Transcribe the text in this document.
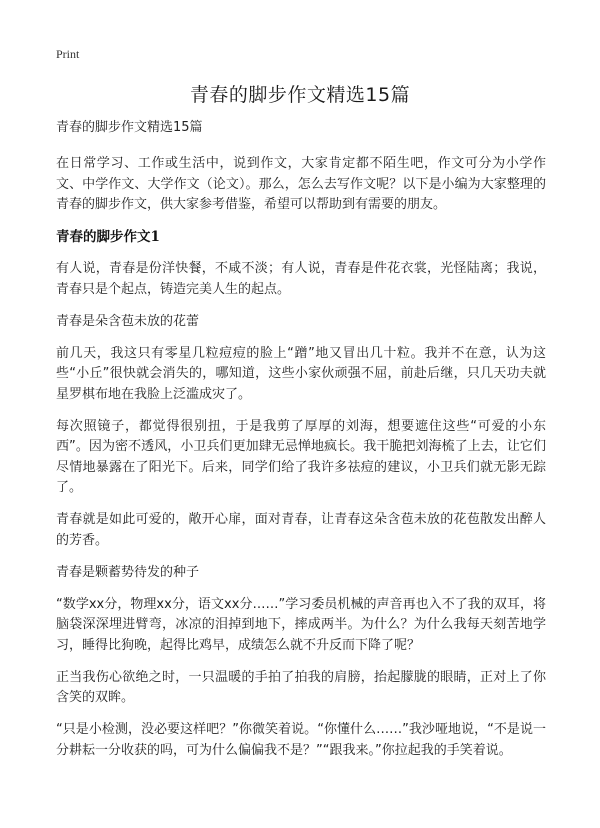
Print
青春的脚步作文精选15篇

青春的脚步作文精选15篇

在日常学习、工作或生活中，说到作文，大家肯定都不陌生吧，作文可分为小学作文、中学作文、大学作文（论文）。那么，怎么去写作文呢？以下是小编为大家整理的青春的脚步作文，供大家参考借鉴，希望可以帮助到有需要的朋友。

青春的脚步作文1

有人说，青春是份洋快餐，不咸不淡；有人说，青春是件花衣裳，光怪陆离；我说，青春只是个起点，铸造完美人生的起点。

青春是朵含苞未放的花蕾

前几天，我这只有零星几粒痘痘的脸上“蹭”地又冒出几十粒。我并不在意，认为这些“小丘”很快就会消失的，哪知道，这些小家伙顽强不屈，前赴后继，只几天功夫就星罗棋布地在我脸上泛滥成灾了。

每次照镜子，都觉得很别扭，于是我剪了厚厚的刘海，想要遮住这些“可爱的小东西”。因为密不透风，小卫兵们更加肆无忌惮地疯长。我干脆把刘海梳了上去，让它们尽情地暴露在了阳光下。后来，同学们给了我许多祛痘的建议，小卫兵们就无影无踪了。

青春就是如此可爱的，敞开心扉，面对青春，让青春这朵含苞未放的花苞散发出醉人的芳香。

青春是颗蓄势待发的种子

“数学xx分，物理xx分，语文xx分……”学习委员机械的声音再也入不了我的双耳，将脑袋深深埋进臂弯，冰凉的泪掉到地下，摔成两半。为什么？为什么我每天刻苦地学习，睡得比狗晚，起得比鸡早，成绩怎么就不升反而下降了呢？

正当我伤心欲绝之时，一只温暖的手拍了拍我的肩膀，抬起朦胧的眼睛，正对上了你含笑的双眸。

“只是小检测，没必要这样吧？”你微笑着说。“你懂什么……”我沙哑地说，“不是说一分耕耘一分收获的吗，可为什么偏偏我不是？”“跟我来。”你拉起我的手笑着说。
